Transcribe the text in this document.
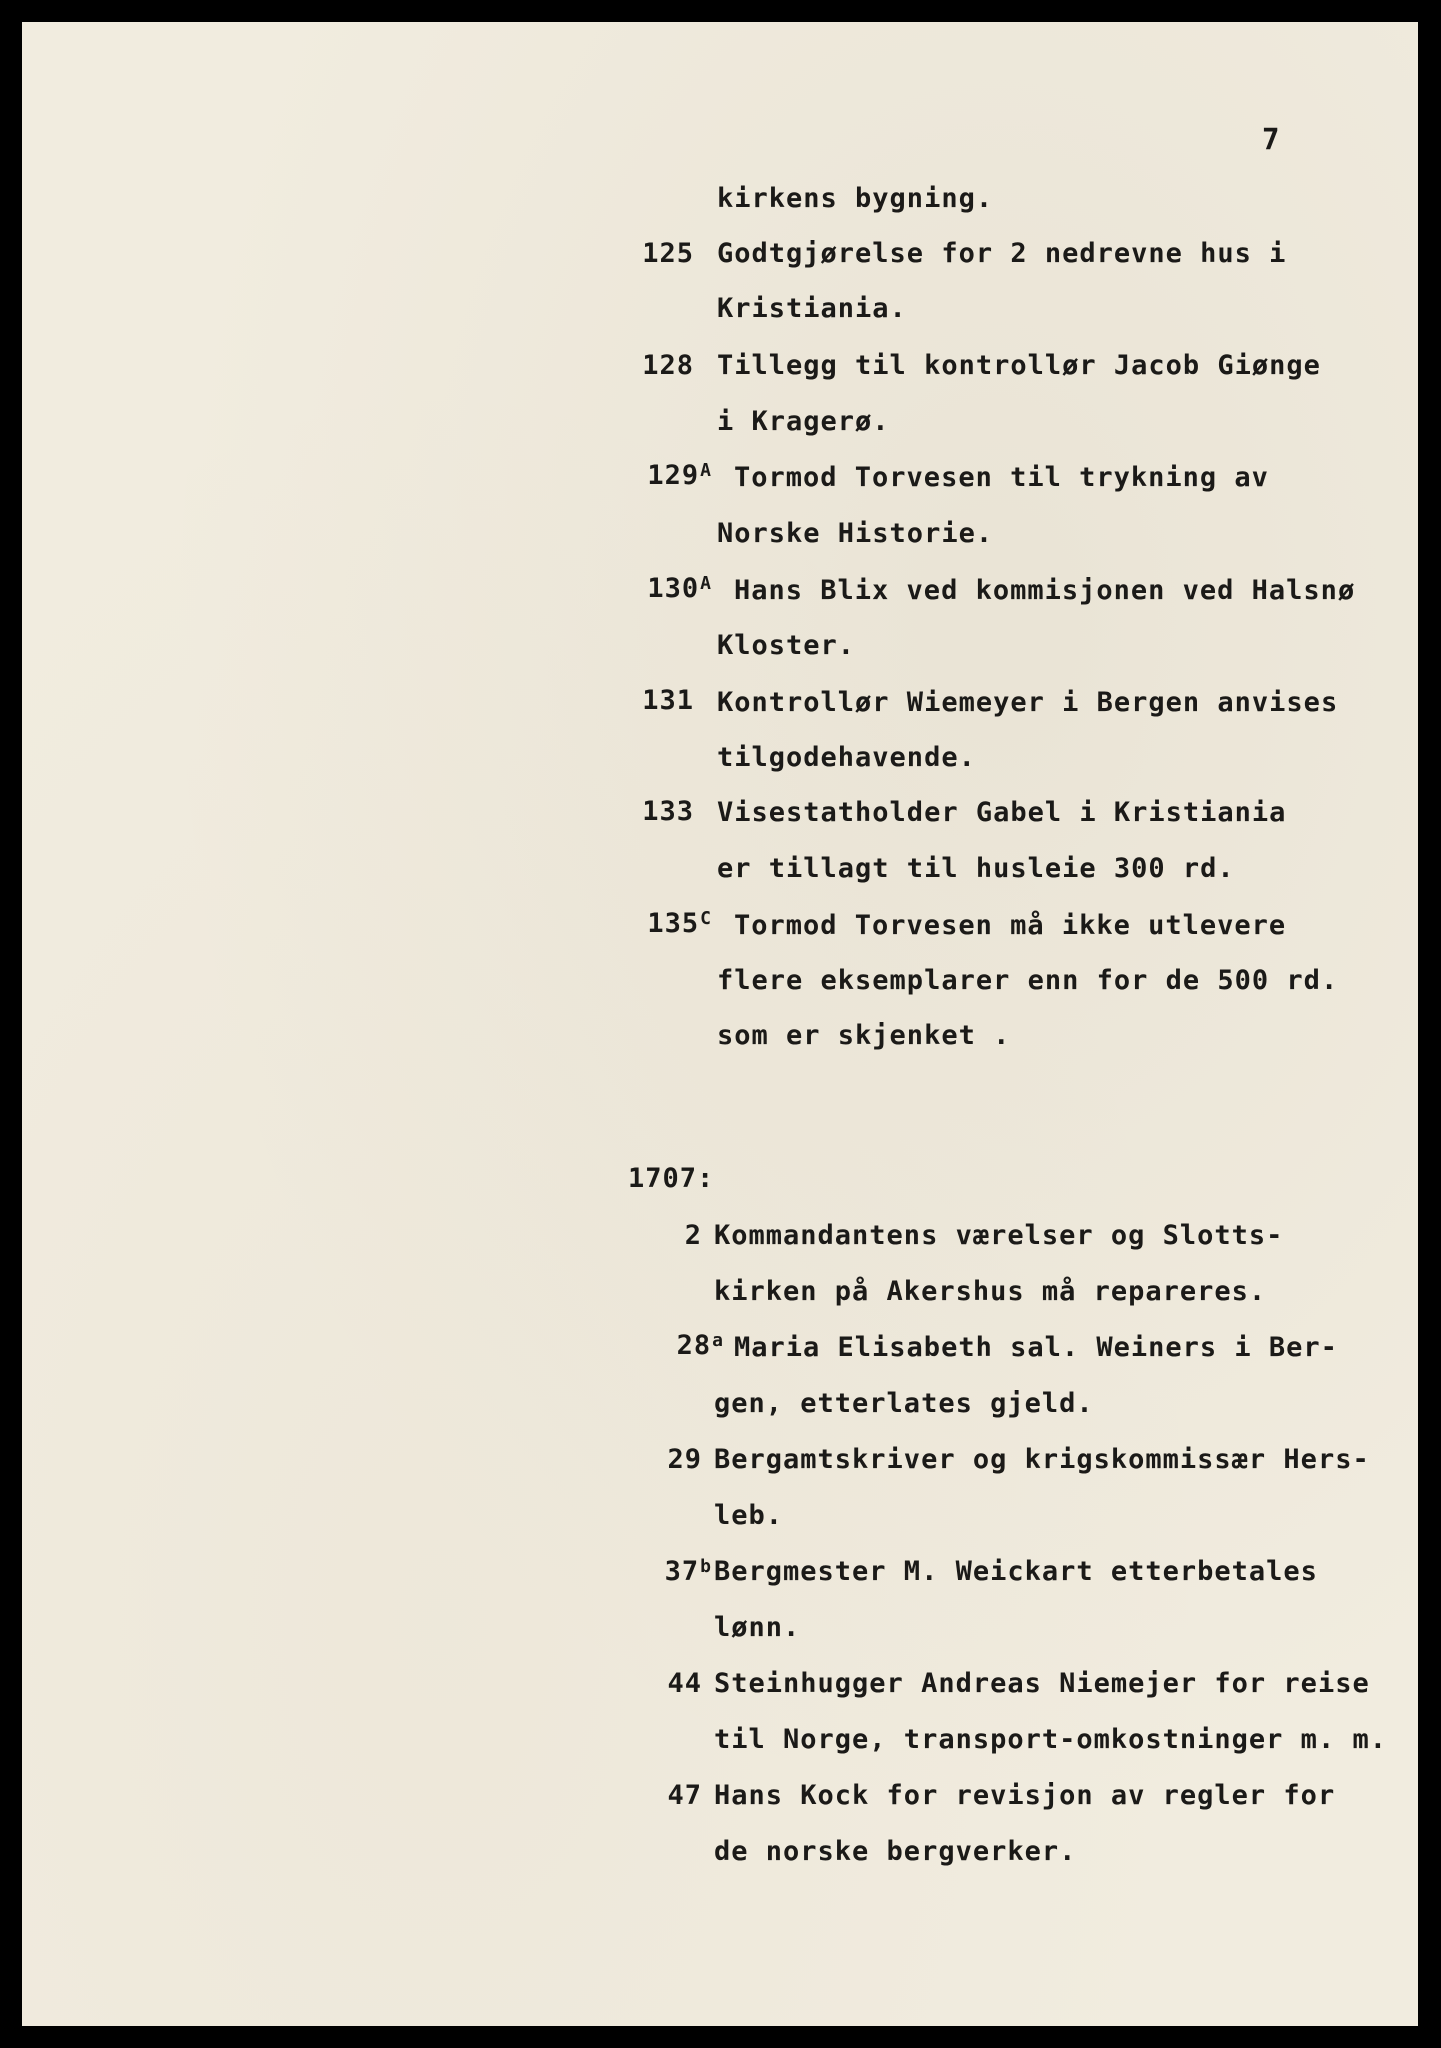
7
kirkens bygning.
125 Godtgjørelse for 2 nedrevne hus i
Kristiania.
128 Tillegg til kontrollør Jacob Giønge
i Kragerø.
$129^A$ Tormod Torvesen til trykning av
Norske Historie.
$130^A$ Hans Blix ved kommisjonen ved Halsnø
Kloster.
131 Kontrollør Wiemeyer i Bergen anvises
tilgodehavende.
133 Visestatholder Gabel i Kristiania
er tillagt til husleie 300 rd.
$135^C$ Tormod Torvesen må ikke utlevere
flere eksemplarer enn for de 500 rd.
som er skjenket .
1707:
2 Kommandantens værelser og Slotts-
kirken på Akershus må repareres.
28$^a$ Maria Elisabeth sal. Weiners i Ber-
gen, etterlates gjeld.
29 Bergamtskriver og krigskommissær Hers-
leb.
37$^b$ Bergmester M. Weickart etterbetales
lønn.
44 Steinhugger Andreas Niemejer for reise
til Norge, transport-omkostninger m. m.
47 Hans Kock for revisjon av regler for
de norske bergverker.
